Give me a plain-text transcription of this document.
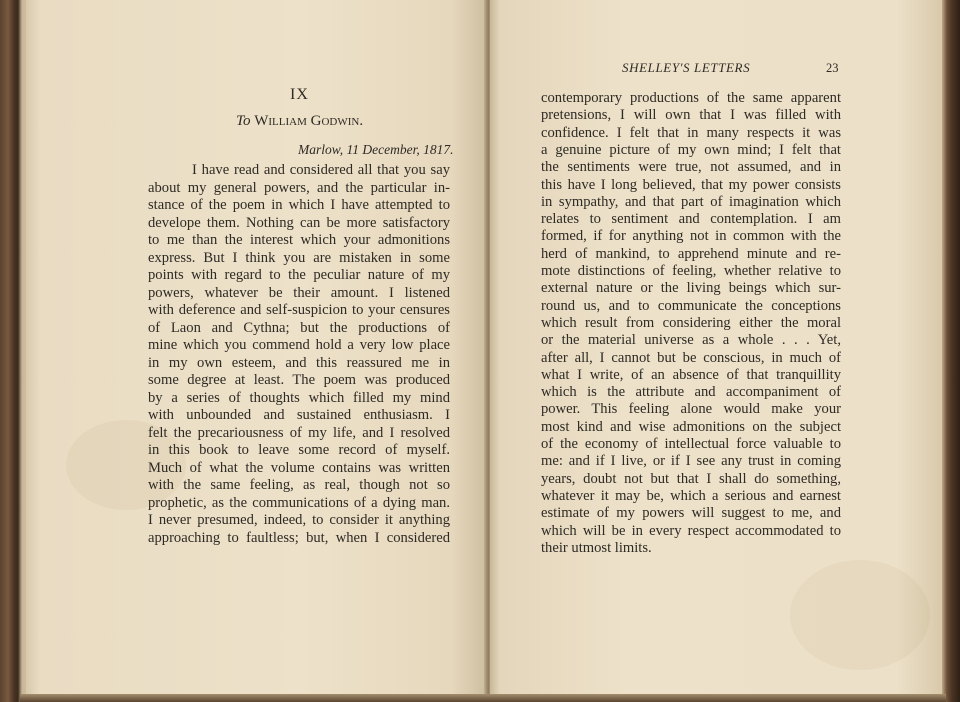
IX
To William Godwin.
Marlow, 11 December, 1817.
I have read and considered all that you say
about my general powers, and the particular in-
stance of the poem in which I have attempted to
develope them. Nothing can be more satisfactory
to me than the interest which your admonitions
express. But I think you are mistaken in some
points with regard to the peculiar nature of my
powers, whatever be their amount. I listened
with deference and self-suspicion to your censures
of Laon and Cythna; but the productions of
mine which you commend hold a very low place
in my own esteem, and this reassured me in
some degree at least. The poem was produced
by a series of thoughts which filled my mind
with unbounded and sustained enthusiasm. I
felt the precariousness of my life, and I resolved
in this book to leave some record of myself.
Much of what the volume contains was written
with the same feeling, as real, though not so
prophetic, as the communications of a dying man.
I never presumed, indeed, to consider it anything
approaching to faultless; but, when I considered
SHELLEY'S LETTERS	23
contemporary productions of the same apparent
pretensions, I will own that I was filled with
confidence. I felt that in many respects it was
a genuine picture of my own mind; I felt that
the sentiments were true, not assumed, and in
this have I long believed, that my power consists
in sympathy, and that part of imagination which
relates to sentiment and contemplation. I am
formed, if for anything not in common with the
herd of mankind, to apprehend minute and re-
mote distinctions of feeling, whether relative to
external nature or the living beings which sur-
round us, and to communicate the conceptions
which result from considering either the moral
or the material universe as a whole . . . Yet,
after all, I cannot but be conscious, in much of
what I write, of an absence of that tranquillity
which is the attribute and accompaniment of
power. This feeling alone would make your
most kind and wise admonitions on the subject
of the economy of intellectual force valuable to
me: and if I live, or if I see any trust in coming
years, doubt not but that I shall do something,
whatever it may be, which a serious and earnest
estimate of my powers will suggest to me, and
which will be in every respect accommodated to
their utmost limits.
